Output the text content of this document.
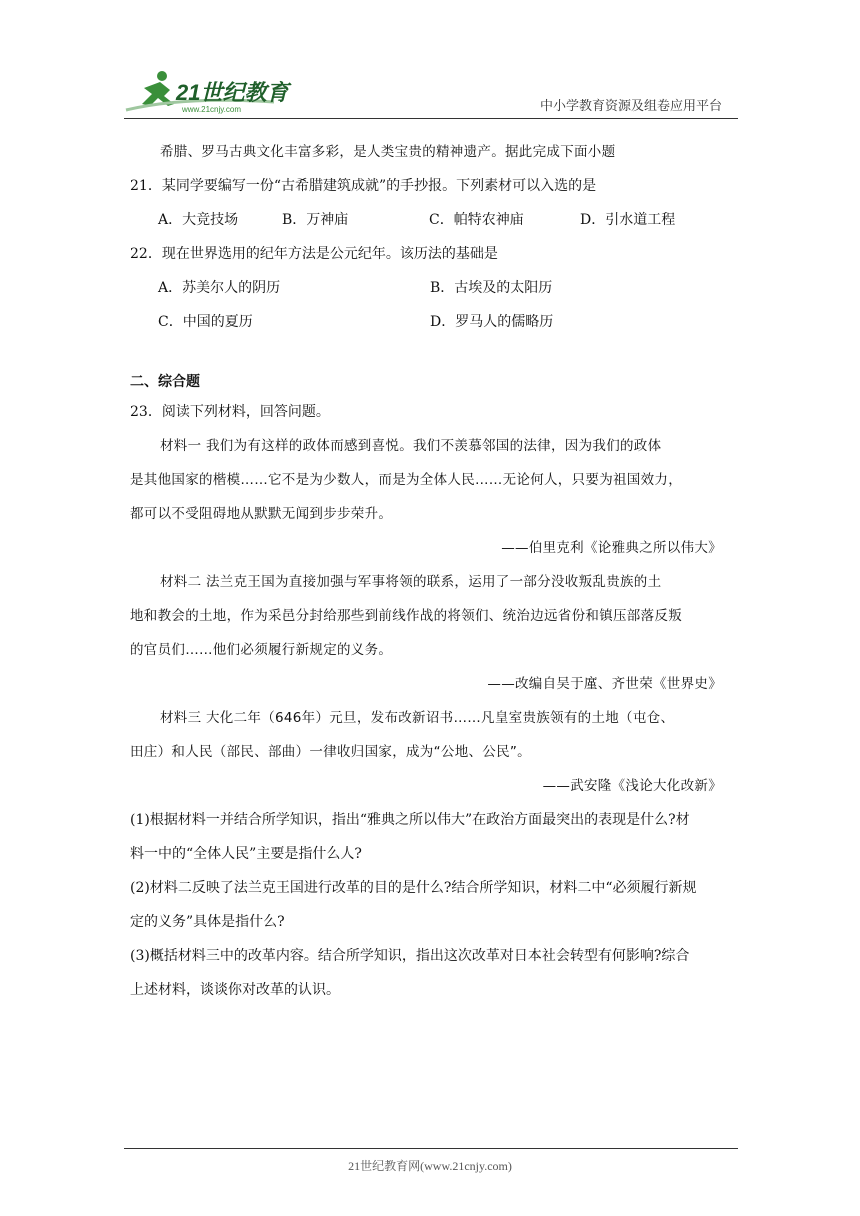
21世纪教育
www.21cnjy.com	中小学教育资源及组卷应用平台
希腊、罗马古典文化丰富多彩，是人类宝贵的精神遗产。据此完成下面小题
21．某同学要编写一份“古希腊建筑成就”的手抄报。下列素材可以入选的是
A．大竞技场	B．万神庙	C．帕特农神庙	D．引水道工程
22．现在世界选用的纪年方法是公元纪年。该历法的基础是
A．苏美尔人的阴历	B．古埃及的太阳历
C．中国的夏历	D．罗马人的儒略历
二、综合题
23．阅读下列材料，回答问题。
材料一 我们为有这样的政体而感到喜悦。我们不羡慕邻国的法律，因为我们的政体
是其他国家的楷模……它不是为少数人，而是为全体人民……无论何人，只要为祖国效力，
都可以不受阻碍地从默默无闻到步步荣升。
——伯里克利《论雅典之所以伟大》
材料二 法兰克王国为直接加强与军事将领的联系，运用了一部分没收叛乱贵族的土
地和教会的土地，作为采邑分封给那些到前线作战的将领们、统治边远省份和镇压部落反叛
的官员们……他们必须履行新规定的义务。
——改编自吴于廑、齐世荣《世界史》
材料三 大化二年（646年）元旦，发布改新诏书……凡皇室贵族领有的土地（屯仓、
田庄）和人民（部民、部曲）一律收归国家，成为“公地、公民”。
——武安隆《浅论大化改新》
(1)根据材料一并结合所学知识，指出“雅典之所以伟大”在政治方面最突出的表现是什么?材
料一中的“全体人民”主要是指什么人?
(2)材料二反映了法兰克王国进行改革的目的是什么?结合所学知识，材料二中“必须履行新规
定的义务”具体是指什么?
(3)概括材料三中的改革内容。结合所学知识，指出这次改革对日本社会转型有何影响?综合
上述材料，谈谈你对改革的认识。
21世纪教育网(www.21cnjy.com)
